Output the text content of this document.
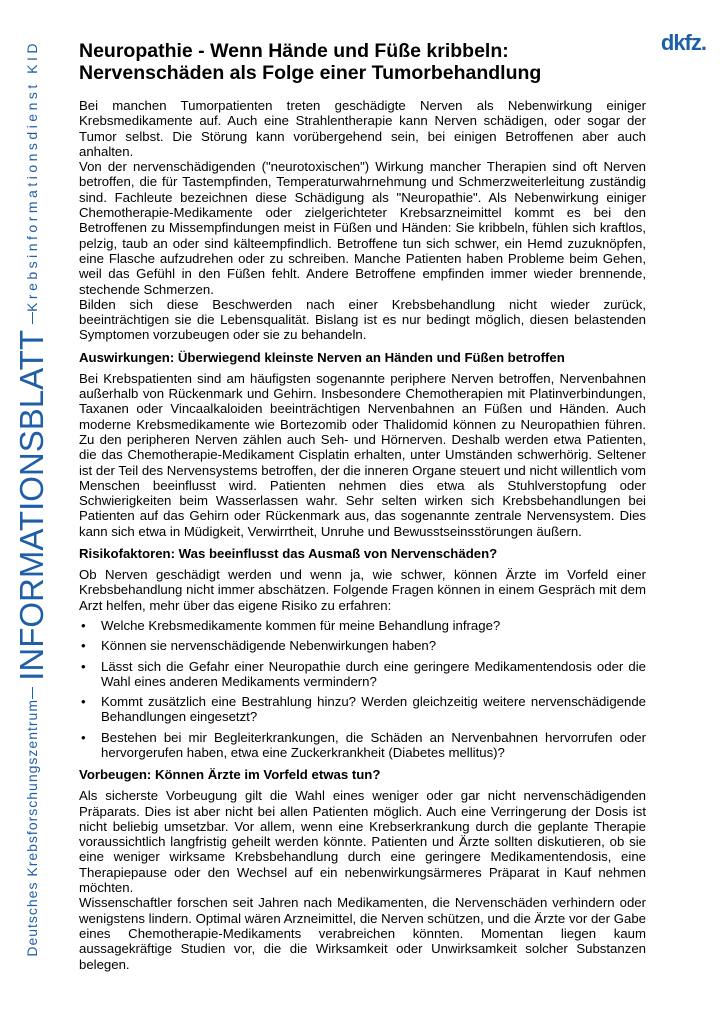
Krebsinformationsdienst KID
INFORMATIONSBLATT
Deutsches Krebsforschungszentrum
dkfz.
Neuropathie - Wenn Hände und Füße kribbeln:
Nervenschäden als Folge einer Tumorbehandlung

Bei manchen Tumorpatienten treten geschädigte Nerven als Nebenwirkung einiger Krebsmedikamente auf. Auch eine Strahlentherapie kann Nerven schädigen, oder sogar der Tumor selbst. Die Störung kann vorübergehend sein, bei einigen Betroffenen aber auch anhalten.

Von der nervenschädigenden ("neurotoxischen") Wirkung mancher Therapien sind oft Nerven betroffen, die für Tastempfinden, Temperaturwahrnehmung und Schmerzweiterleitung zuständig sind. Fachleute bezeichnen diese Schädigung als "Neuropathie". Als Nebenwirkung einiger Chemotherapie-Medikamente oder zielgerichteter Krebsarzneimittel kommt es bei den Betroffenen zu Missempfindungen meist in Füßen und Händen: Sie kribbeln, fühlen sich kraftlos, pelzig, taub an oder sind kälteempfindlich. Betroffene tun sich schwer, ein Hemd zuzuknöpfen, eine Flasche aufzudrehen oder zu schreiben. Manche Patienten haben Probleme beim Gehen, weil das Gefühl in den Füßen fehlt. Andere Betroffene empfinden immer wieder brennende, stechende Schmerzen.

Bilden sich diese Beschwerden nach einer Krebsbehandlung nicht wieder zurück, beeinträchtigen sie die Lebensqualität. Bislang ist es nur bedingt möglich, diesen belastenden Symptomen vorzubeugen oder sie zu behandeln.

Auswirkungen: Überwiegend kleinste Nerven an Händen und Füßen betroffen

Bei Krebspatienten sind am häufigsten sogenannte periphere Nerven betroffen, Nervenbahnen außerhalb von Rückenmark und Gehirn. Insbesondere Chemotherapien mit Platinverbindungen, Taxanen oder Vincaalkaloiden beeinträchtigen Nervenbahnen an Füßen und Händen. Auch moderne Krebsmedikamente wie Bortezomib oder Thalidomid können zu Neuropathien führen. Zu den peripheren Nerven zählen auch Seh- und Hörnerven. Deshalb werden etwa Patienten, die das Chemotherapie-Medikament Cisplatin erhalten, unter Umständen schwerhörig. Seltener ist der Teil des Nervensystems betroffen, der die inneren Organe steuert und nicht willentlich vom Menschen beeinflusst wird. Patienten nehmen dies etwa als Stuhlverstopfung oder Schwierigkeiten beim Wasserlassen wahr. Sehr selten wirken sich Krebsbehandlungen bei Patienten auf das Gehirn oder Rückenmark aus, das sogenannte zentrale Nervensystem. Dies kann sich etwa in Müdigkeit, Verwirrtheit, Unruhe und Bewusstseinsstörungen äußern.

Risikofaktoren: Was beeinflusst das Ausmaß von Nervenschäden?

Ob Nerven geschädigt werden und wenn ja, wie schwer, können Ärzte im Vorfeld einer Krebsbehandlung nicht immer abschätzen. Folgende Fragen können in einem Gespräch mit dem Arzt helfen, mehr über das eigene Risiko zu erfahren:

• Welche Krebsmedikamente kommen für meine Behandlung infrage?
• Können sie nervenschädigende Nebenwirkungen haben?
• Lässt sich die Gefahr einer Neuropathie durch eine geringere Medikamentendosis oder die Wahl eines anderen Medikaments vermindern?
• Kommt zusätzlich eine Bestrahlung hinzu? Werden gleichzeitig weitere nervenschädigende Behandlungen eingesetzt?
• Bestehen bei mir Begleiterkrankungen, die Schäden an Nervenbahnen hervorrufen oder hervorgerufen haben, etwa eine Zuckerkrankheit (Diabetes mellitus)?
Vorbeugen: Können Ärzte im Vorfeld etwas tun?

Als sicherste Vorbeugung gilt die Wahl eines weniger oder gar nicht nervenschädigenden Präparats. Dies ist aber nicht bei allen Patienten möglich. Auch eine Verringerung der Dosis ist nicht beliebig umsetzbar. Vor allem, wenn eine Krebserkrankung durch die geplante Therapie voraussichtlich langfristig geheilt werden könnte. Patienten und Ärzte sollten diskutieren, ob sie eine weniger wirksame Krebsbehandlung durch eine geringere Medikamentendosis, eine Therapiepause oder den Wechsel auf ein nebenwirkungsärmeres Präparat in Kauf nehmen möchten.

Wissenschaftler forschen seit Jahren nach Medikamenten, die Nervenschäden verhindern oder wenigstens lindern. Optimal wären Arzneimittel, die Nerven schützen, und die Ärzte vor der Gabe eines Chemotherapie-Medikaments verabreichen könnten. Momentan liegen kaum aussagekräftige Studien vor, die die Wirksamkeit oder Unwirksamkeit solcher Substanzen belegen.
